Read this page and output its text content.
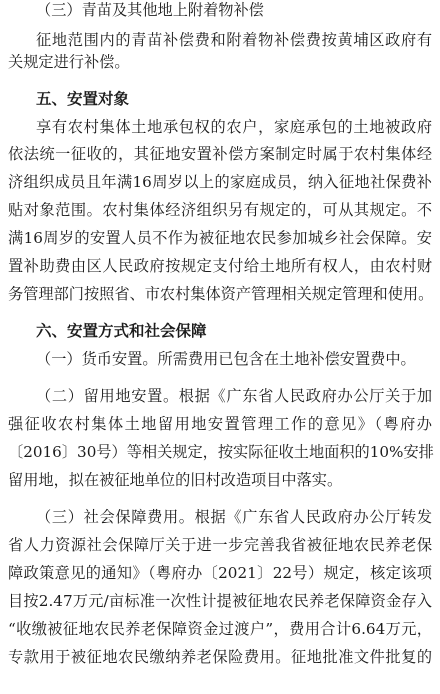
（三）青苗及其他地上附着物补偿
征地范围内的青苗补偿费和附着物补偿费按黄埔区政府有
关规定进行补偿。
五、安置对象
享有农村集体土地承包权的农户，家庭承包的土地被政府
依法统一征收的，其征地安置补偿方案制定时属于农村集体经
济组织成员且年满16周岁以上的家庭成员，纳入征地社保费补
贴对象范围。农村集体经济组织另有规定的，可从其规定。不
满16周岁的安置人员不作为被征地农民参加城乡社会保障。安
置补助费由区人民政府按规定支付给土地所有权人，由农村财
务管理部门按照省、市农村集体资产管理相关规定管理和使用。
六、安置方式和社会保障
（一）货币安置。所需费用已包含在土地补偿安置费中。
（二）留用地安置。根据《广东省人民政府办公厅关于加
强征收农村集体土地留用地安置管理工作的意见》（粤府办
〔2016〕30号）等相关规定，按实际征收土地面积的10%安排
留用地，拟在被征地单位的旧村改造项目中落实。
（三）社会保障费用。根据《广东省人民政府办公厅转发
省人力资源社会保障厅关于进一步完善我省被征地农民养老保
障政策意见的通知》（粤府办〔2021〕22号）规定，核定该项
目按2.47万元/亩标准一次性计提被征地农民养老保障资金存入
“收缴被征地农民养老保障资金过渡户”，费用合计6.64万元，
专款用于被征地农民缴纳养老保险费用。征地批准文件批复的
